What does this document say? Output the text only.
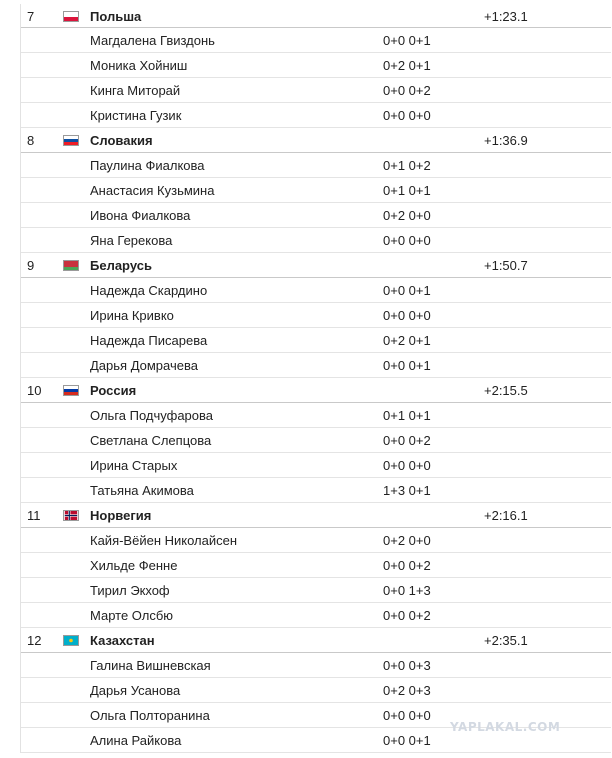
7	Польша	+1:23.1
Магдалена Гвиздонь	0+0 0+1
Моника Хойниш	0+2 0+1
Кинга Миторай	0+0 0+2
Кристина Гузик	0+0 0+0
8	Словакия	+1:36.9
Паулина Фиалкова	0+1 0+2
Анастасия Кузьмина	0+1 0+1
Ивона Фиалкова	0+2 0+0
Яна Герекова	0+0 0+0
9	Беларусь	+1:50.7
Надежда Скардино	0+0 0+1
Ирина Кривко	0+0 0+0
Надежда Писарева	0+2 0+1
Дарья Домрачева	0+0 0+1
10	Россия	+2:15.5
Ольга Подчуфарова	0+1 0+1
Светлана Слепцова	0+0 0+2
Ирина Старых	0+0 0+0
Татьяна Акимова	1+3 0+1
11	Норвегия	+2:16.1
Кайя-Вёйен Николайсен	0+2 0+0
Хильде Фенне	0+0 0+2
Тирил Экхоф	0+0 1+3
Марте Олсбю	0+0 0+2
12	Казахстан	+2:35.1
Галина Вишневская	0+0 0+3
Дарья Усанова	0+2 0+3
Ольга Полторанина	0+0 0+0
Алина Райкова	0+0 0+1
YAPLAKAL.COM
